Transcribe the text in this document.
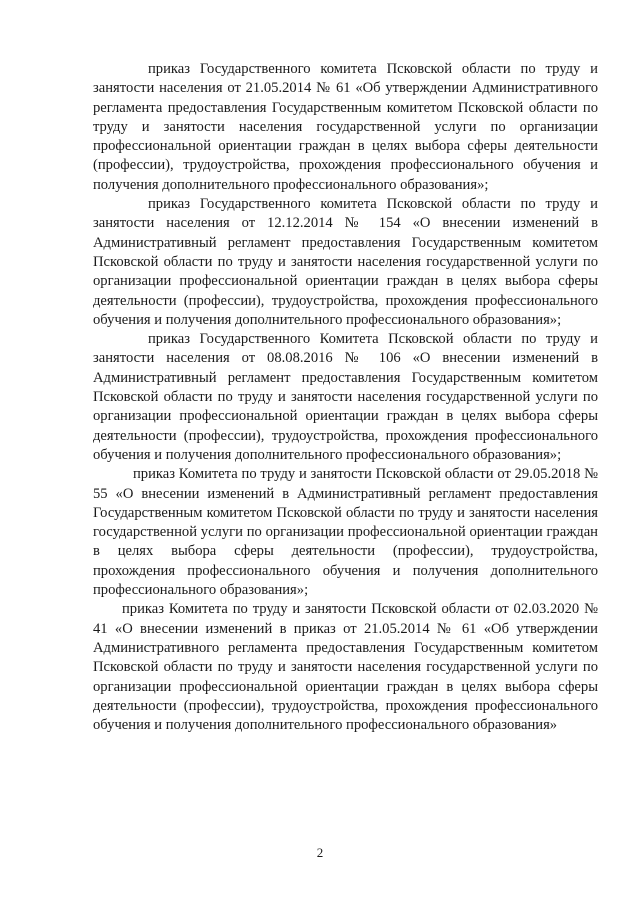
приказ Государственного комитета Псковской области по труду и занятости населения от 21.05.2014 № 61 «Об утверждении Административного регламента предоставления Государственным комитетом Псковской области по труду и занятости населения государственной услуги по организации профессиональной ориентации граждан в целях выбора сферы деятельности (профессии), трудоустройства, прохождения профессионального обучения и получения дополнительного профессионального образования»;

приказ Государственного комитета Псковской области по труду и занятости населения от 12.12.2014 № 154 «О внесении изменений в Административный регламент предоставления Государственным комитетом Псковской области по труду и занятости населения государственной услуги по организации профессиональной ориентации граждан в целях выбора сферы деятельности (профессии), трудоустройства, прохождения профессионального обучения и получения дополнительного профессионального образования»;

приказ Государственного Комитета Псковской области по труду и занятости населения от 08.08.2016 № 106 «О внесении изменений в Административный регламент предоставления Государственным комитетом Псковской области по труду и занятости населения государственной услуги по организации профессиональной ориентации граждан в целях выбора сферы деятельности (профессии), трудоустройства, прохождения профессионального обучения и получения дополнительного профессионального образования»;

приказ Комитета по труду и занятости Псковской области от 29.05.2018 № 55 «О внесении изменений в Административный регламент предоставления Государственным комитетом Псковской области по труду и занятости населения государственной услуги по организации профессиональной ориентации граждан в целях выбора сферы деятельности (профессии), трудоустройства, прохождения профессионального обучения и получения дополнительного профессионального образования»;

приказ Комитета по труду и занятости Псковской области от 02.03.2020 № 41 «О внесении изменений в приказ от 21.05.2014 № 61 «Об утверждении Административного регламента предоставления Государственным комитетом Псковской области по труду и занятости населения государственной услуги по организации профессиональной ориентации граждан в целях выбора сферы деятельности (профессии), трудоустройства, прохождения профессионального обучения и получения дополнительного профессионального образования»

2
